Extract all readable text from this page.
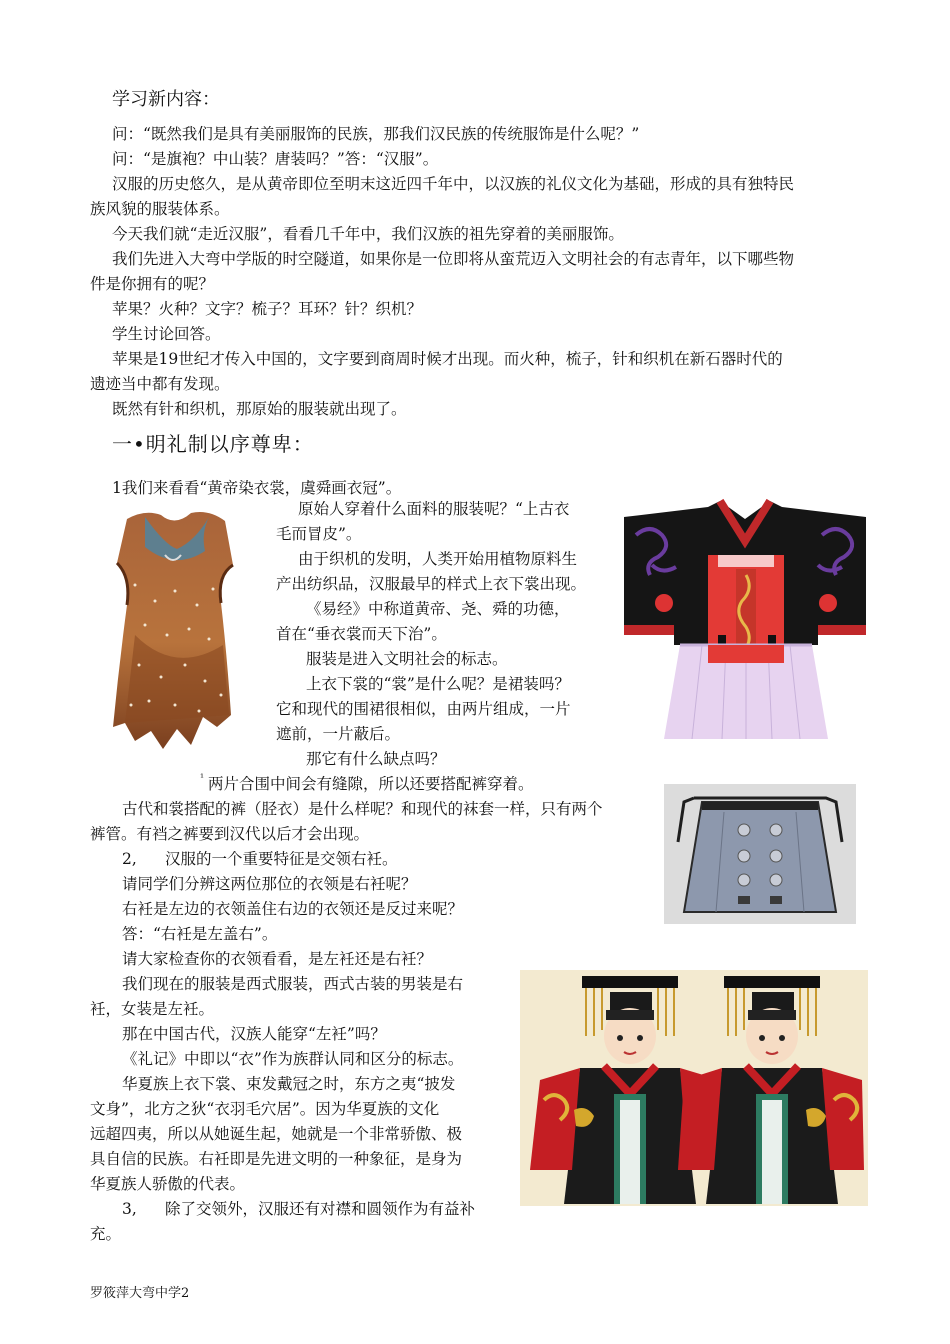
学习新内容：
问：“既然我们是具有美丽服饰的民族，那我们汉民族的传统服饰是什么呢？”
问：“是旗袍？中山装？唐装吗？”答：“汉服”。
汉服的历史悠久，是从黄帝即位至明末这近四千年中，以汉族的礼仪文化为基础，形成的具有独特民
族风貌的服装体系。
今天我们就“走近汉服”，看看几千年中，我们汉族的祖先穿着的美丽服饰。
我们先进入大弯中学版的时空隧道，如果你是一位即将从蛮荒迈入文明社会的有志青年，以下哪些物
件是你拥有的呢？
苹果？火种？文字？梳子？耳环？针？织机？
学生讨论回答。
苹果是19世纪才传入中国的，文字要到商周时候才出现。而火种，梳子，针和织机在新石器时代的
遗迹当中都有发现。
既然有针和织机，那原始的服装就出现了。
一•明礼制以序尊卑：
1我们来看看“黄帝染衣裳，虞舜画衣冠”。
原始人穿着什么面料的服装呢？“上古衣
毛而冒皮”。
由于织机的发明，人类开始用植物原料生
产出纺织品，汉服最早的样式上衣下裳出现。
《易经》中称道黄帝、尧、舜的功德，
首在“垂衣裳而天下治”。
服装是进入文明社会的标志。
上衣下裳的“裳”是什么呢？是裙装吗？
它和现代的围裙很相似，由两片组成，一片
遮前，一片蔽后。
那它有什么缺点吗？
¹ 两片合围中间会有缝隙，所以还要搭配裤穿着。
古代和裳搭配的裤（胫衣）是什么样呢？和现代的袜套一样，只有两个
裤管。有裆之裤要到汉代以后才会出现。
2, 汉服的一个重要特征是交领右衽。
请同学们分辨这两位那位的衣领是右衽呢？
右衽是左边的衣领盖住右边的衣领还是反过来呢？
答：“右衽是左盖右”。
请大家检查你的衣领看看，是左衽还是右衽？
我们现在的服装是西式服装，西式古装的男装是右
衽，女装是左衽。
那在中国古代，汉族人能穿“左衽”吗？
《礼记》中即以“衣”作为族群认同和区分的标志。
华夏族上衣下裳、束发戴冠之时，东方之夷“披发
文身”，北方之狄“衣羽毛穴居”。因为华夏族的文化
远超四夷，所以从她诞生起，她就是一个非常骄傲、极
具自信的民族。右衽即是先进文明的一种象征，是身为
华夏族人骄傲的代表。
3, 除了交领外，汉服还有对襟和圆领作为有益补
充。
罗筱萍大弯中学2
